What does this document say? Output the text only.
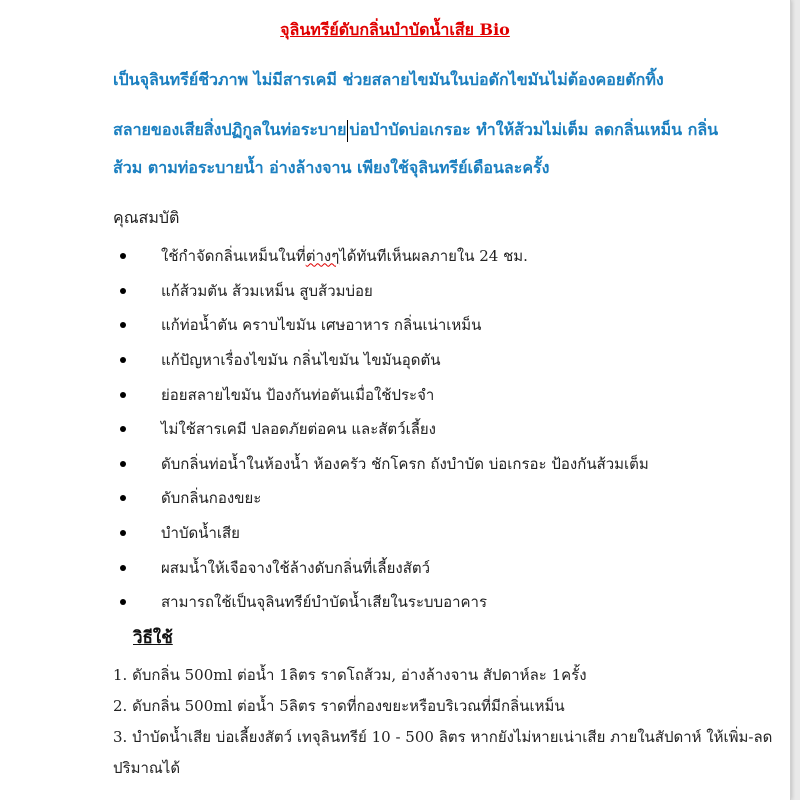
จุลินทรีย์ดับกลิ่นบำบัดน้ำเสีย Bio
เป็นจุลินทรีย์ชีวภาพ ไม่มีสารเคมี ช่วยสลายไขมันในบ่อดักไขมันไม่ต้องคอยตักทิ้ง
สลายของเสียสิ่งปฏิกูลในท่อระบาย บ่อบำบัดบ่อเกรอะ ทำให้ส้วมไม่เต็ม ลดกลิ่นเหม็น กลิ่น
ส้วม ตามท่อระบายน้ำ อ่างล้างจาน เพียงใช้จุลินทรีย์เดือนละครั้ง
คุณสมบัติ
ใช้กำจัดกลิ่นเหม็นในที่ต่างๆได้ทันทีเห็นผลภายใน 24 ชม.
แก้ส้วมตัน ส้วมเหม็น สูบส้วมบ่อย
แก้ท่อน้ำตัน คราบไขมัน เศษอาหาร กลิ่นเน่าเหม็น
แก้ปัญหาเรื่องไขมัน กลิ่นไขมัน ไขมันอุดตัน
ย่อยสลายไขมัน ป้องกันท่อตันเมื่อใช้ประจำ
ไม่ใช้สารเคมี ปลอดภัยต่อคน และสัตว์เลี้ยง
ดับกลิ่นท่อน้ำในห้องน้ำ ห้องครัว ชักโครก ถังบำบัด บ่อเกรอะ ป้องกันส้วมเต็ม
ดับกลิ่นกองขยะ
บำบัดน้ำเสีย
ผสมน้ำให้เจือจางใช้ล้างดับกลิ่นที่เลี้ยงสัตว์
สามารถใช้เป็นจุลินทรีย์บำบัดน้ำเสียในระบบอาคาร
วิธีใช้
1. ดับกลิ่น 500ml ต่อน้ำ 1ลิตร ราดโถส้วม, อ่างล้างจาน สัปดาห์ละ 1ครั้ง
2. ดับกลิ่น 500ml ต่อน้ำ 5ลิตร ราดที่กองขยะหรือบริเวณที่มีกลิ่นเหม็น
3. บำบัดน้ำเสีย บ่อเลี้ยงสัตว์ เทจุลินทรีย์ 10 - 500 ลิตร หากยังไม่หายเน่าเสีย ภายในสัปดาห์ ให้เพิ่ม-ลด ปริมาณได้
